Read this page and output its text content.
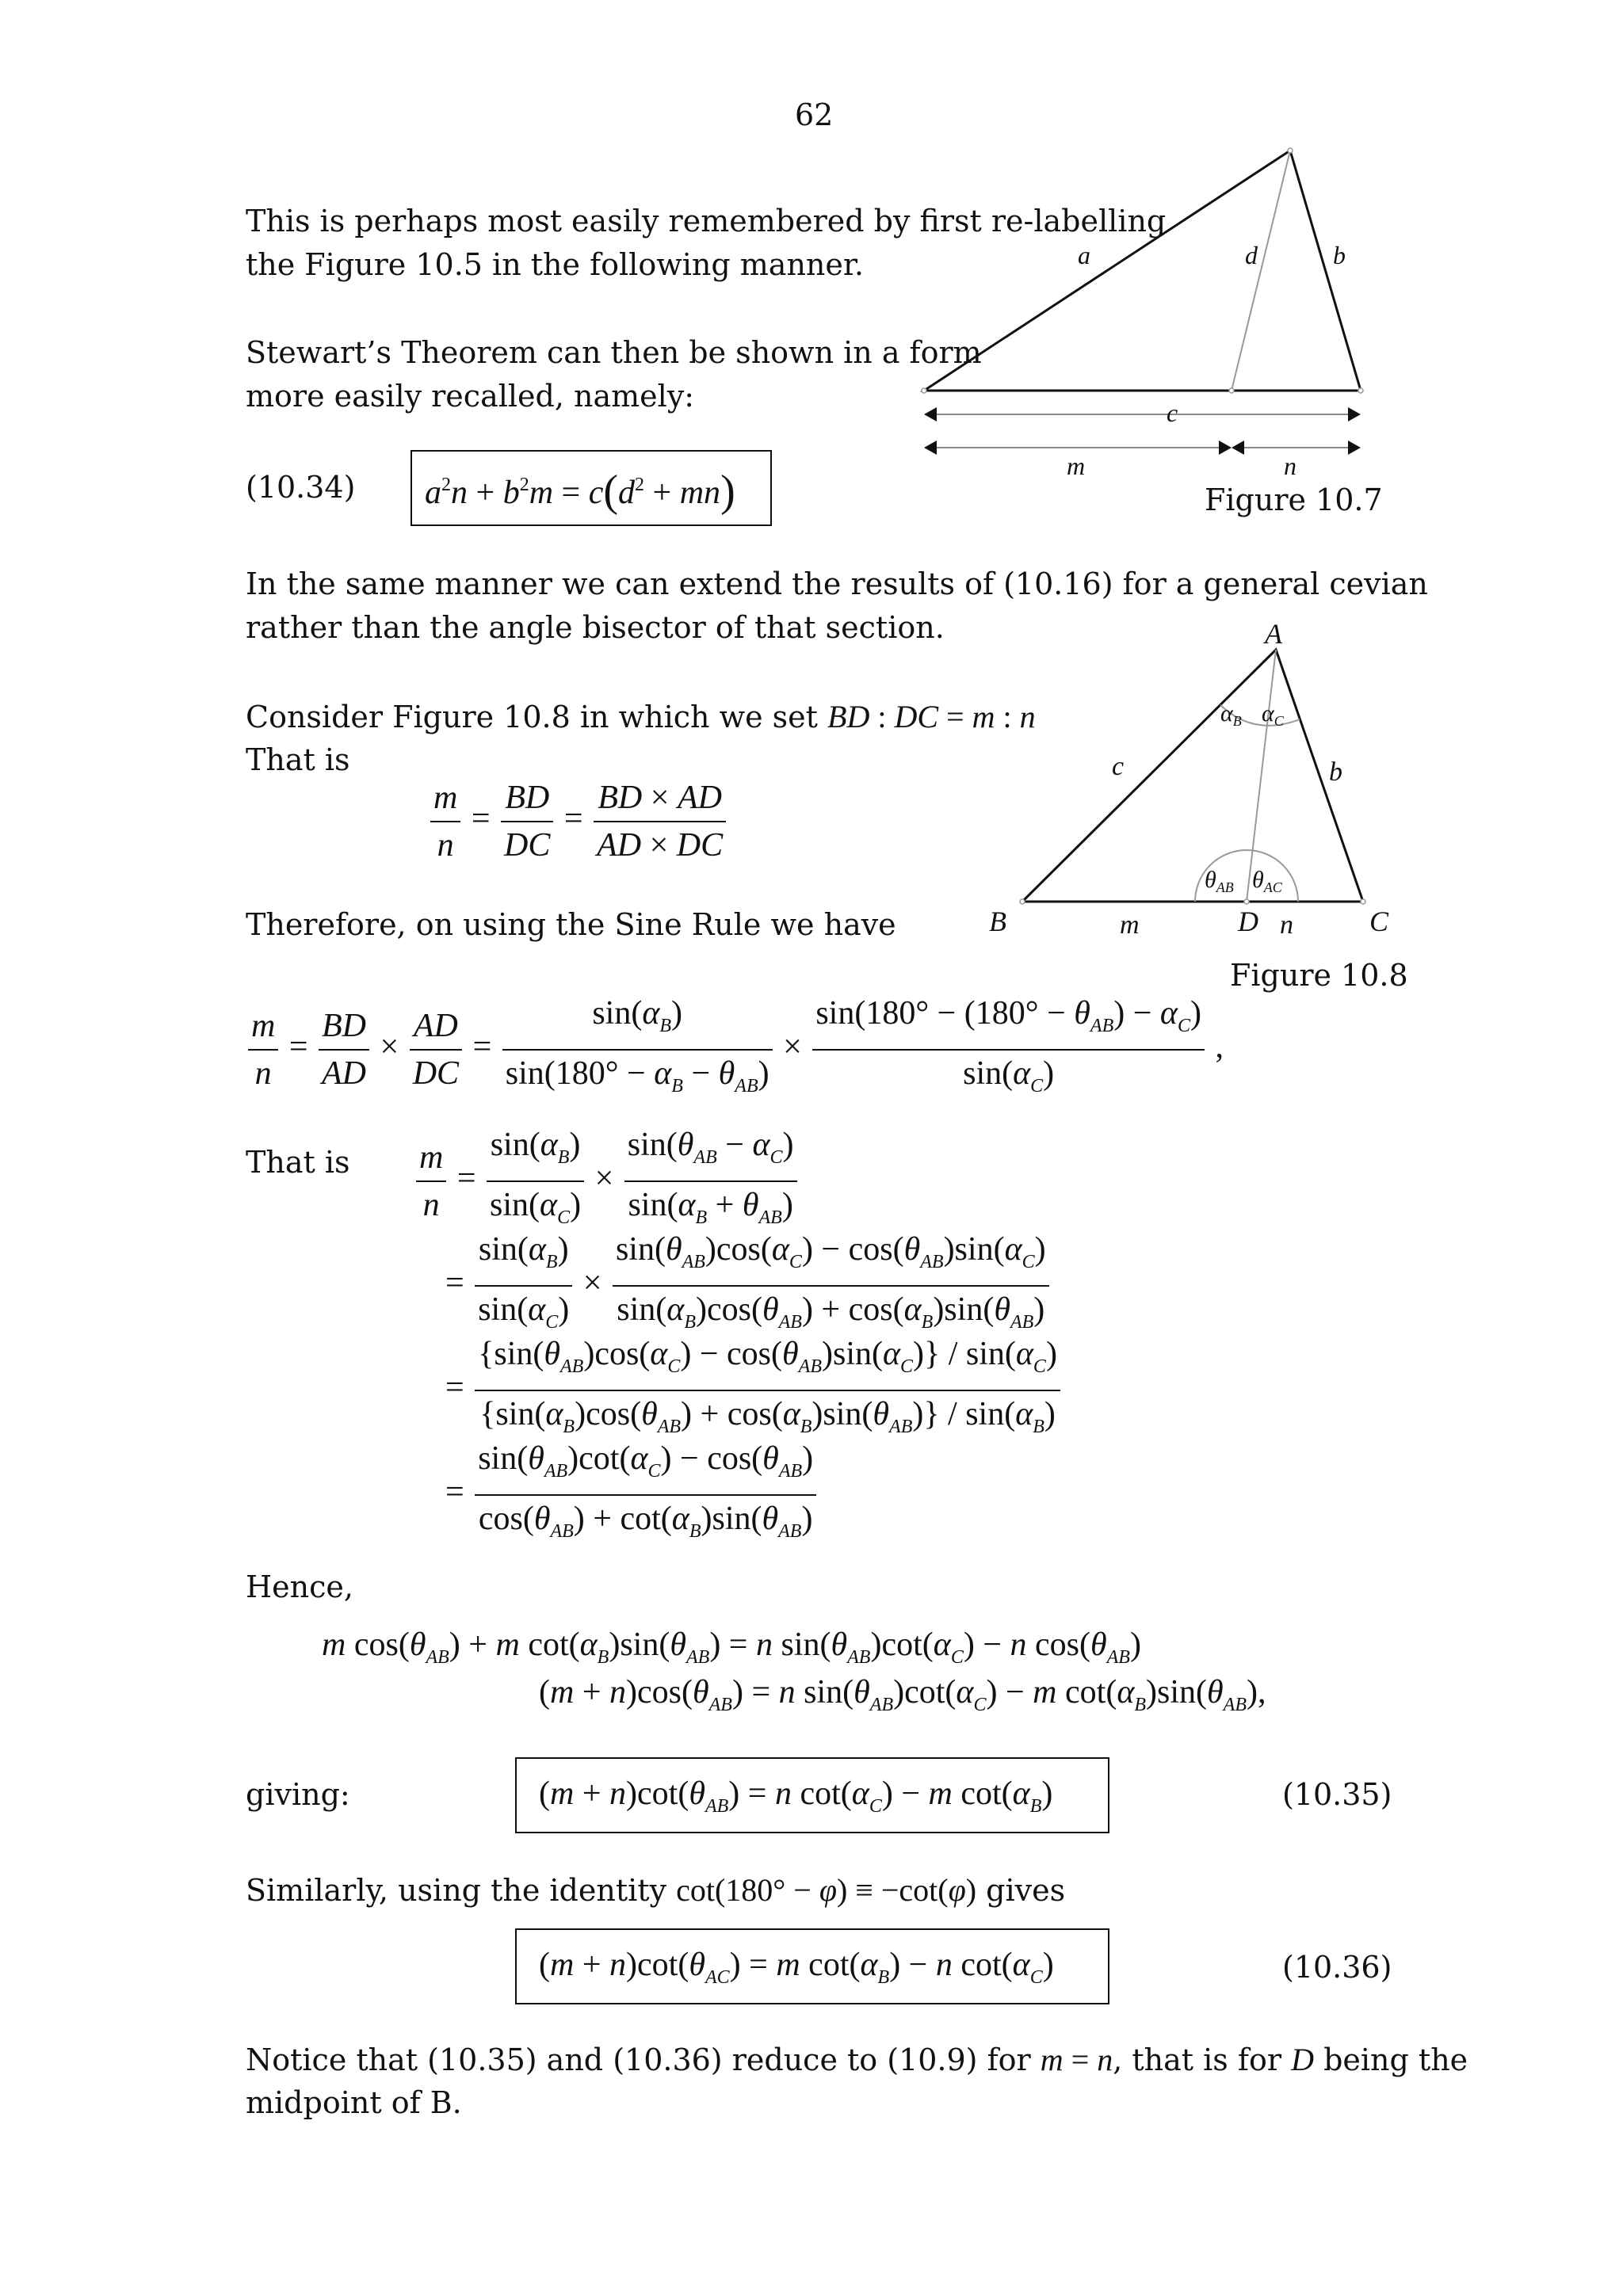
62
This is perhaps most easily remembered by first re-labelling
the Figure 10.5 in the following manner.
Stewart’s Theorem can then be shown in a form
more easily recalled, namely:
(10.34) $a^2n + b^2m = c(d^2 + mn)$
a	d	b
c
m	n
Figure 10.7
In the same manner we can extend the results of (10.16) for a general cevian
rather than the angle bisector of that section.	A
B	D	C
c	b
m	n
$\alpha_B$ $\alpha_C$
$\theta_{AB}$ $\theta_{AC}$
Figure 10.8
Consider Figure 10.8 in which we set BD : DC = m : n
That is
$\frac{m}{n} = \frac{BD}{DC} = \frac{BD \times AD}{AD \times DC}$
Therefore, on using the Sine Rule we have
$\frac{m}{n} = \frac{BD}{AD} \times \frac{AD}{DC} = \frac{\sin(\alpha_B)}{\sin(180^\circ - \alpha_B - \theta_{AB})} \times \frac{\sin(180^\circ - (180^\circ - \theta_{AB}) - \alpha_C)}{\sin(\alpha_C)}$ ,
That is $\frac{m}{n} = \frac{\sin(\alpha_B)}{\sin(\alpha_C)} \times \frac{\sin(\theta_{AB} - \alpha_C)}{\sin(\alpha_B + \theta_{AB})}$
= $\frac{\sin(\alpha_B)}{\sin(\alpha_C)} \times \frac{\sin(\theta_{AB})\cos(\alpha_C) - \cos(\theta_{AB})\sin(\alpha_C)}{\sin(\alpha_B)\cos(\theta_{AB}) + \cos(\alpha_B)\sin(\theta_{AB})}$
= $\frac{\{\sin(\theta_{AB})\cos(\alpha_C) - \cos(\theta_{AB})\sin(\alpha_C)\} / \sin(\alpha_C)}{\{\sin(\alpha_B)\cos(\theta_{AB}) + \cos(\alpha_B)\sin(\theta_{AB})\} / \sin(\alpha_B)}$
= $\frac{\sin(\theta_{AB})\cot(\alpha_C) - \cos(\theta_{AB})}{\cos(\theta_{AB}) + \cot(\alpha_B)\sin(\theta_{AB})}$
Hence,
m $\cos(\theta_{AB}) + m$ $\cot(\alpha_B)\sin(\theta_{AB}) = n$ $\sin(\theta_{AB})\cot(\alpha_C) - n$ $\cos(\theta_{AB})$
$(m + n)\cos(\theta_{AB}) = n$ $\sin(\theta_{AB})\cot(\alpha_C) - m$ $\cot(\alpha_B)\sin(\theta_{AB})$,
giving:	$(m + n)\cot(\theta_{AB}) = n$ $\cot(\alpha_C) - m$ $\cot(\alpha_B)$	(10.35)
Similarly, using the identity cot(180° − φ) ≡ −cot(φ) gives
$(m + n)\cot(\theta_{AC}) = m$ $\cot(\alpha_B) - n$ $\cot(\alpha_C)$	(10.36)
Notice that (10.35) and (10.36) reduce to (10.9) for m = n, that is for D being the
midpoint of B.
